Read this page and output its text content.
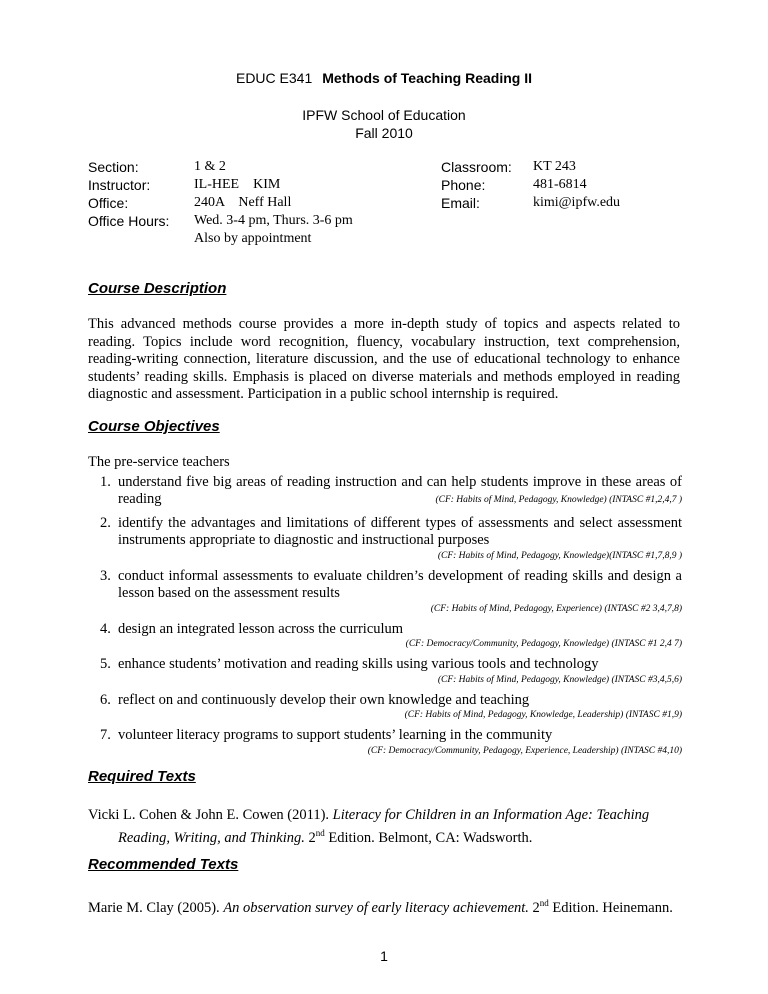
EDUC E341 Methods of Teaching Reading II
IPFW School of Education
Fall 2010
Section:	1 & 2
Instructor:	IL-HEE    KIM
Office:	240A    Neff Hall
Office Hours:	Wed. 3-4 pm, Thurs. 3-6 pm
Also by appointment
Classroom:	KT 243
Phone:	481-6814
Email:	kimi@ipfw.edu
Course Description
This advanced methods course provides a more in-depth study of topics and aspects related to reading. Topics include word recognition, fluency, vocabulary instruction, text comprehension, reading-writing connection, literature discussion, and the use of educational technology to enhance students’ reading skills. Emphasis is placed on diverse materials and methods employed in reading diagnostic and assessment. Participation in a public school internship is required.
Course Objectives
The pre-service teachers
1. understand five big areas of reading instruction and can help students improve in these areas of reading	(CF: Habits of Mind, Pedagogy, Knowledge) (INTASC #1,2,4,7 )
2. identify the advantages and limitations of different types of assessments and select assessment instruments appropriate to diagnostic and instructional purposes
(CF: Habits of Mind, Pedagogy, Knowledge)(INTASC #1,7,8,9 )
3. conduct informal assessments to evaluate children’s development of reading skills and design a lesson based on the assessment results
(CF: Habits of Mind, Pedagogy, Experience) (INTASC #2 3,4,7,8)
4. design an integrated lesson across the curriculum
(CF: Democracy/Community, Pedagogy, Knowledge) (INTASC #1 2,4 7)
5. enhance students’ motivation and reading skills using various tools and technology
(CF: Habits of Mind, Pedagogy, Knowledge) (INTASC #3,4,5,6)
6. reflect on and continuously develop their own knowledge and teaching
(CF: Habits of Mind, Pedagogy, Knowledge, Leadership) (INTASC #1,9)
7. volunteer literacy programs to support students’ learning in the community
(CF: Democracy/Community, Pedagogy, Experience, Leadership) (INTASC #4,10)
Required Texts
Vicki L. Cohen & John E. Cowen (2011). Literacy for Children in an Information Age: Teaching Reading, Writing, and Thinking. 2nd Edition. Belmont, CA: Wadsworth.
Recommended Texts
Marie M. Clay (2005). An observation survey of early literacy achievement. 2nd Edition. Heinemann.
1
